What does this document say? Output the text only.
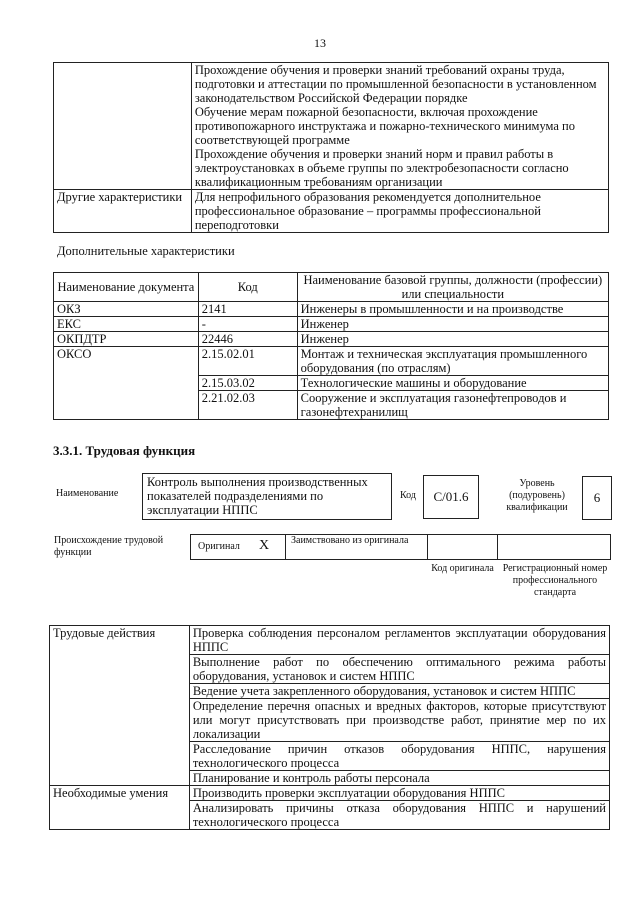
13

	Прохождение обучения и проверки знаний требований охраны труда, подготовки и аттестации по промышленной безопасности в установленном законодательством Российской Федерации порядке
Обучение мерам пожарной безопасности, включая прохождение противопожарного инструктажа и пожарно-технического минимума по соответствующей программе
Прохождение обучения и проверки знаний норм и правил работы в электроустановках в объеме группы по электробезопасности согласно квалификационным требованиям организации

Другие характеристики	Для непрофильного образования рекомендуется дополнительное профессиональное образование – программы профессиональной переподготовки
Дополнительные характеристики
Наименование документа	Код	Наименование базовой группы, должности (профессии) или специальности
ОКЗ	2141	Инженеры в промышленности и на производстве
ЕКС	-	Инженер
ОКПДТР	22446	Инженер
ОКСО	2.15.02.01	Монтаж и техническая эксплуатация промышленного оборудования (по отраслям)
	2.15.03.02	Технологические машины и оборудование
	2.21.02.03	Сооружение и эксплуатация газонефтепроводов и газонефтехранилищ
3.3.1. Трудовая функция
Наименование
Контроль выполнения производственных показателей подразделениями по эксплуатации НППС
Код	C/01.6
Уровень (подуровень) квалификации
6
Происхождение трудовой функции
Оригинал X Заимствовано из оригинала
Код оригинала Регистрационный номер профессионального стандарта
Трудовые действия	Проверка соблюдения персоналом регламентов эксплуатации оборудования НППС
	Выполнение работ по обеспечению оптимального режима работы оборудования, установок и систем НППС
	Ведение учета закрепленного оборудования, установок и систем НППС
	Определение перечня опасных и вредных факторов, которые присутствуют или могут присутствовать при производстве работ, принятие мер по их локализации
	Расследование причин отказов оборудования НППС, нарушения технологического процесса
	Планирование и контроль работы персонала
Необходимые умения	Производить проверки эксплуатации оборудования НППС
	Анализировать причины отказа оборудования НППС и нарушений технологического процесса
